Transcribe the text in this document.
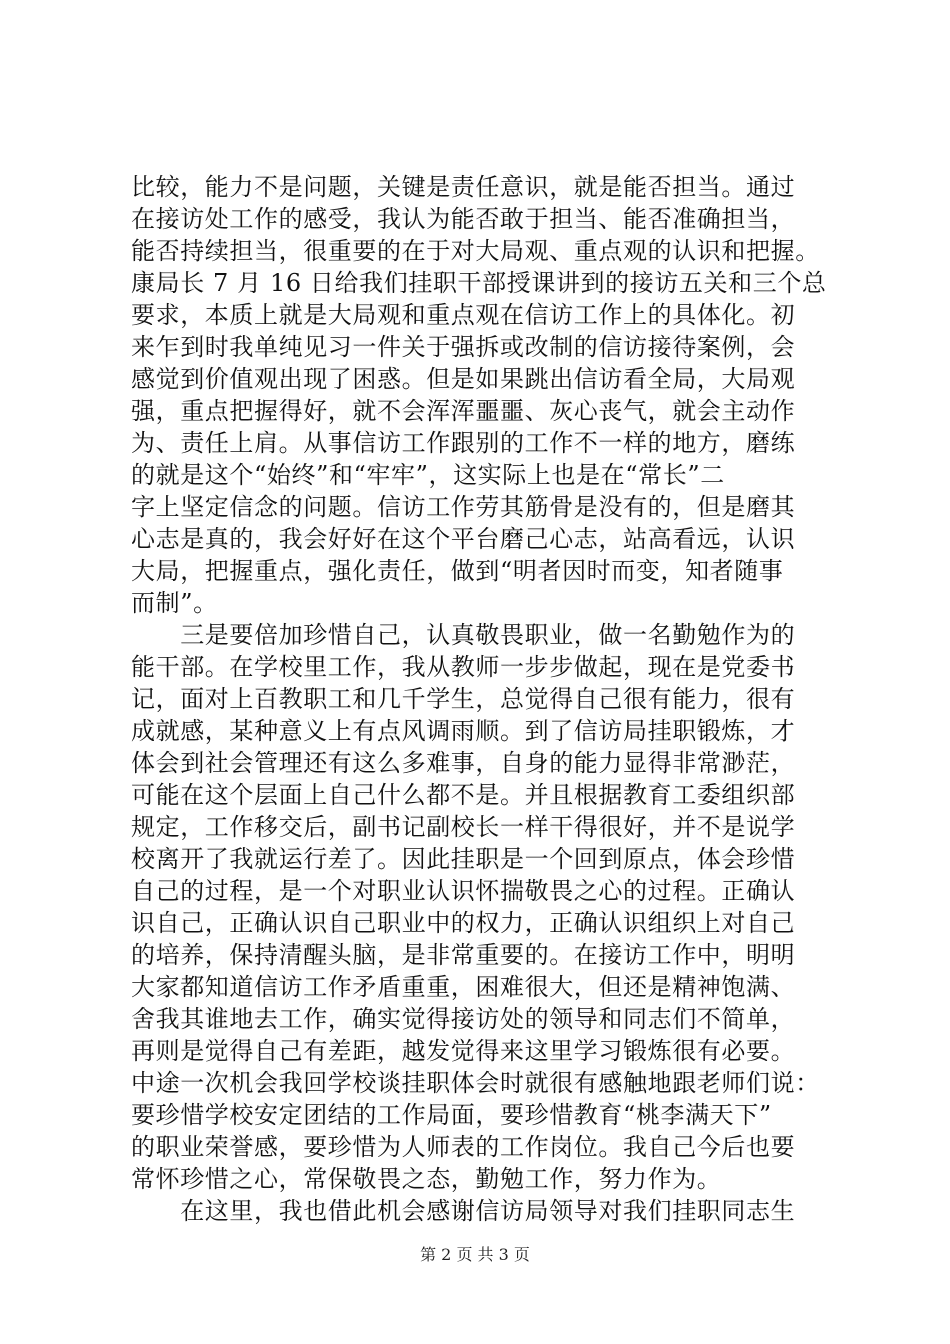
比较，能力不是问题，关键是责任意识，就是能否担当。通过
在接访处工作的感受，我认为能否敢于担当、能否准确担当，
能否持续担当，很重要的在于对大局观、重点观的认识和把握。
康局长 7 月 16 日给我们挂职干部授课讲到的接访五关和三个总
要求，本质上就是大局观和重点观在信访工作上的具体化。初
来乍到时我单纯见习一件关于强拆或改制的信访接待案例，会
感觉到价值观出现了困惑。但是如果跳出信访看全局，大局观
强，重点把握得好，就不会浑浑噩噩、灰心丧气，就会主动作
为、责任上肩。从事信访工作跟别的工作不一样的地方，磨练
的就是这个“始终”和“牢牢”，这实际上也是在“常长”二
字上坚定信念的问题。信访工作劳其筋骨是没有的，但是磨其
心志是真的，我会好好在这个平台磨己心志，站高看远，认识
大局，把握重点，强化责任，做到“明者因时而变，知者随事
而制”。
　　三是要倍加珍惜自己，认真敬畏职业，做一名勤勉作为的
能干部。在学校里工作，我从教师一步步做起，现在是党委书
记，面对上百教职工和几千学生，总觉得自己很有能力，很有
成就感，某种意义上有点风调雨顺。到了信访局挂职锻炼，才
体会到社会管理还有这么多难事，自身的能力显得非常渺茫，
可能在这个层面上自己什么都不是。并且根据教育工委组织部
规定，工作移交后，副书记副校长一样干得很好，并不是说学
校离开了我就运行差了。因此挂职是一个回到原点，体会珍惜
自己的过程，是一个对职业认识怀揣敬畏之心的过程。正确认
识自己，正确认识自己职业中的权力，正确认识组织上对自己
的培养，保持清醒头脑，是非常重要的。在接访工作中，明明
大家都知道信访工作矛盾重重，困难很大，但还是精神饱满、
舍我其谁地去工作，确实觉得接访处的领导和同志们不简单，
再则是觉得自己有差距，越发觉得来这里学习锻炼很有必要。
中途一次机会我回学校谈挂职体会时就很有感触地跟老师们说：
要珍惜学校安定团结的工作局面，要珍惜教育“桃李满天下”
的职业荣誉感，要珍惜为人师表的工作岗位。我自己今后也要
常怀珍惜之心，常保敬畏之态，勤勉工作，努力作为。
　　在这里，我也借此机会感谢信访局领导对我们挂职同志生
第 2 页 共 3 页
